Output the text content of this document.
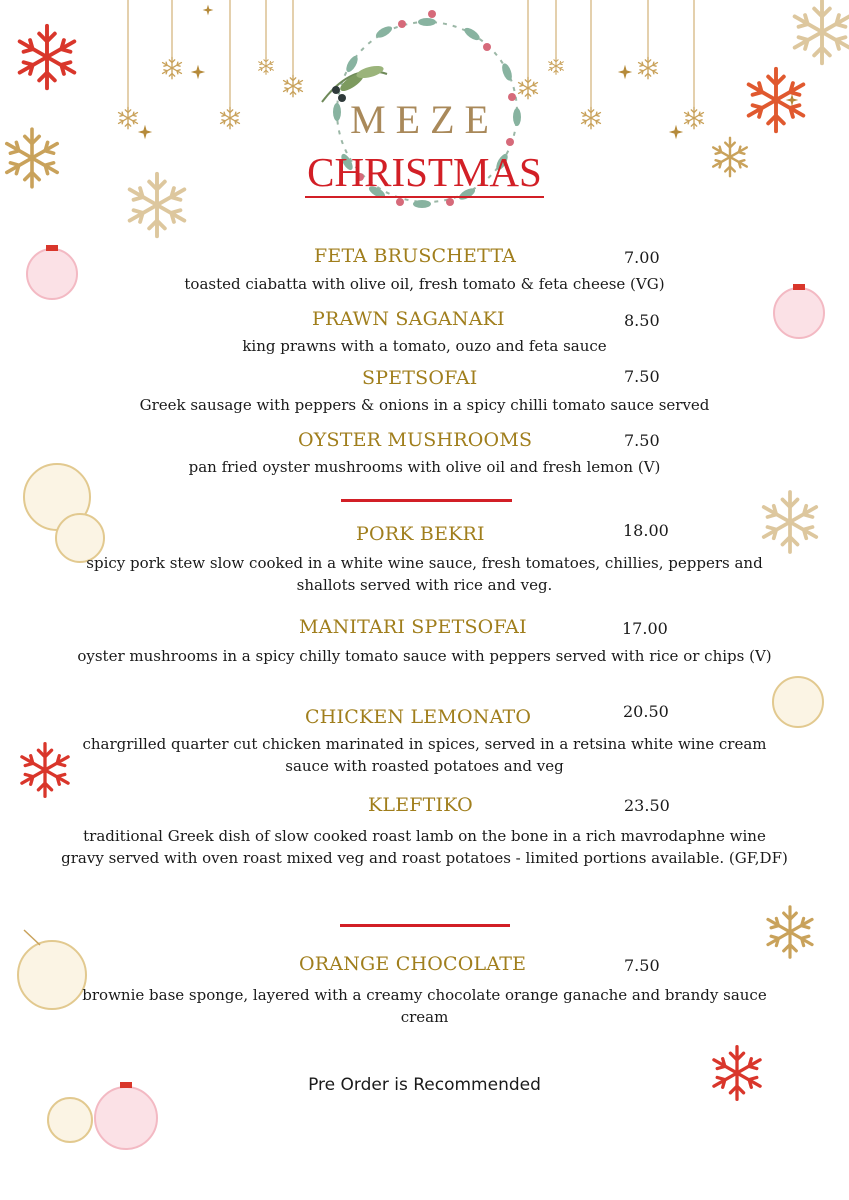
MEZE
CHRISTMAS
FETA BRUSCHETTA	7.00
toasted ciabatta with olive oil, fresh tomato & feta cheese (VG)
PRAWN SAGANAKI	8.50
king prawns with a tomato, ouzo and feta sauce
SPETSOFAI	7.50
Greek sausage with peppers & onions in a spicy chilli tomato sauce served
OYSTER MUSHROOMS	7.50
pan fried oyster mushrooms with olive oil and fresh lemon (V)
PORK BEKRI	18.00
spicy pork stew slow cooked in a white wine sauce, fresh tomatoes, chillies, peppers and shallots served with rice and veg.
MANITARI SPETSOFAI	17.00
oyster mushrooms in a spicy chilly tomato sauce with peppers served with rice or chips (V)
CHICKEN LEMONATO	20.50
chargrilled quarter cut chicken marinated in spices, served in a retsina white wine cream sauce with roasted potatoes and veg
KLEFTIKO	23.50
traditional Greek dish of slow cooked roast lamb on the bone in a rich mavrodaphne wine gravy served with oven roast mixed veg and roast potatoes - limited portions available. (GF,DF)
ORANGE CHOCOLATE	7.50
brownie base sponge, layered with a creamy chocolate orange ganache and brandy sauce cream
Pre Order is Recommended
